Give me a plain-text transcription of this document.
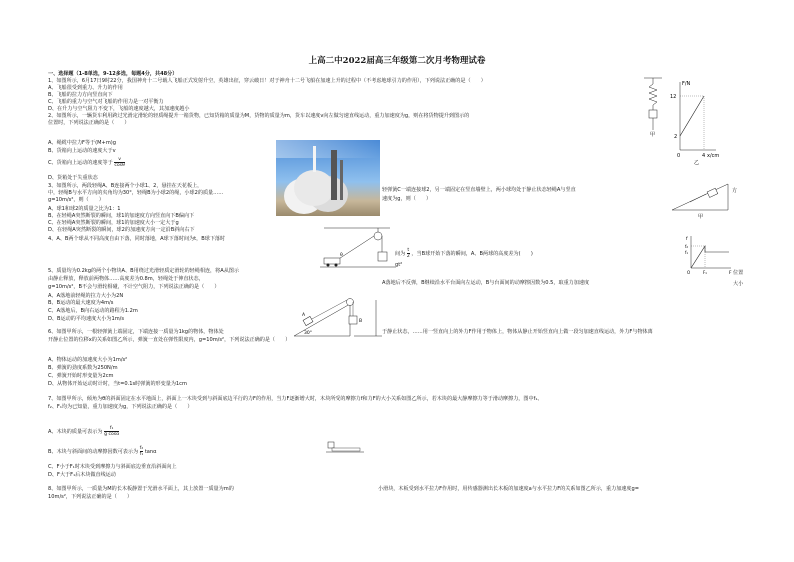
上高二中2022届高三年级第二次月考物理试卷
一、选择题（1-8单选，9-12多选，每题4分，共48分）
1、如图所示，6月17日9时22分，我国神舟十二号载人飞船正式发射升空，英雄出征，穿云破日！对于神舟十二号飞船在加速上升的过程中（不考虑地球引力的作用），下列说法正确的是（　　）
A、飞船很受到重力、升力的作用
B、飞船的拉力方向竖直向下
C、飞船的重力与空气对飞船的作用力是一对平衡力
D、在升力与空气阻力不变下，飞船的速度越大，其加速度越小
2、如图所示，一辆货车利用跨过光滑定滑轮的轻质绳提升一箱货物，已知货箱的质量为M，货物的质量为m，货车以速度v向左做匀速直线运动，重力加速度为g，则在将货物提升到图示的
位置时，下列说法正确的是（　　）
A、绳缆中拉力F等于(M+m)g
B、货箱向上运动的速度大于v
C、货箱向上运动的速度等于 $\frac{v}{\cos\theta}$
D、货箱处于失重状态
3、如图所示，两段轻绳A、B连接两个小球1、2，悬挂在天花板上，
中，轻绳B与水平方向的夹角均为30°，轻绳B为小球2的绳，小球2的质量……
g=10m/s²，则（　　）
轻弹簧C一端连接球2，另一端固定在竖直墙壁上，两小球均处于静止状态轻绳A与竖直
速度为g，则（　　）
方
A、球1和球2的质量之比为1：1
B、在轻绳A突然断裂的瞬间，球1的加速度方向竖直向下B偏向下
C、在轻绳A突然断裂的瞬间，球1的加速度大小一定大于g
D、在轻绳A突然断裂的瞬间，球2的加速度方向一定沿B斜向右下
4、A、B两个球从不同高度自由下落，同时落地，A球下落时间为t，B球下落时
间为 $\frac{t}{2}$ ，当B球开始下落的瞬间，A、B两球的高度差为(　　)
gt²
5、质量均为0.2kg的两个小物块A、B用绕过光滑轻质定滑轮的轻绳相连，将A从图示
由静止释放，释放前两物体……高度差为0.8m，轻绳处于伸直状态，
g=10m/s²，B不会与滑轮相碰，不计空气阻力，下列说法正确的是（　　）
A落地后不反弹，B继续沿水平台面向左运动，B与台面间的动摩擦因数为0.5，取重力加速度
位置
大小
A、A落地前轻绳的拉力大小为2N
B、B运动的最大速度为4m/s
C、A落地后，B向右运动的路程为1.2m
D、B运动的平均速度大小为1m/s
6、如图甲所示，一根轻弹簧上端固定，下端连接一质量为1kg的物体，物体处	于静止状态，……用一竖直向上的外力F作用于物体上，物体从静止开始竖直向上做一段匀加速直线运动，外力F与物体离
开静止位置的位移x的关系如图乙所示，弹簧一直处在弹性限度内，g=10m/s²，下列说法正确的是（　　）
A、物体运动的加速度大小为1m/s²
B、弹簧的劲度系数为250N/m
C、弹簧开始时形变量为2cm
D、从物体开始运动时计时，当t=0.1s时弹簧的形变量为1cm
7、如图甲所示，倾角为θ的斜面固定在水平地面上，斜面上一木块受到与斜面底边平行的力F的作用，当力F逐渐增大时，木块所受的摩擦力f和力F的大小关系如图乙所示，若木块的最大静摩擦力等于滑动摩擦力，图中f₁、
f₂、F₁均为已知量，重力加速度为g，下列说法正确的是（　　）
A、木块的质量可表示为 $\frac{\text{f₁}}{\text{g cosα}}$
B、木块与斜面间的动摩擦因数可表示为 $\frac{\text{f₂}}{\text{f₁}}$ tanα
C、F小于F₁时木块受到摩擦力与斜面底边垂直沿斜面向上
D、F大于F₁后木块做直线运动
8、如图甲所示，一质量为M的长木板静置于光滑水平面上，其上放置一质量为m的	小滑块，木板受到水平拉力F作用时，用传感器测出长木板的加速度a与水平拉力F的关系如图乙所示，重力加速度g=
10m/s²，下列说法正确的是（　　）
F/N
12
2
0	4 x/cm
甲
乙
甲
θ
f
F
f₂
f₁
F₁
O
30°
A
B
